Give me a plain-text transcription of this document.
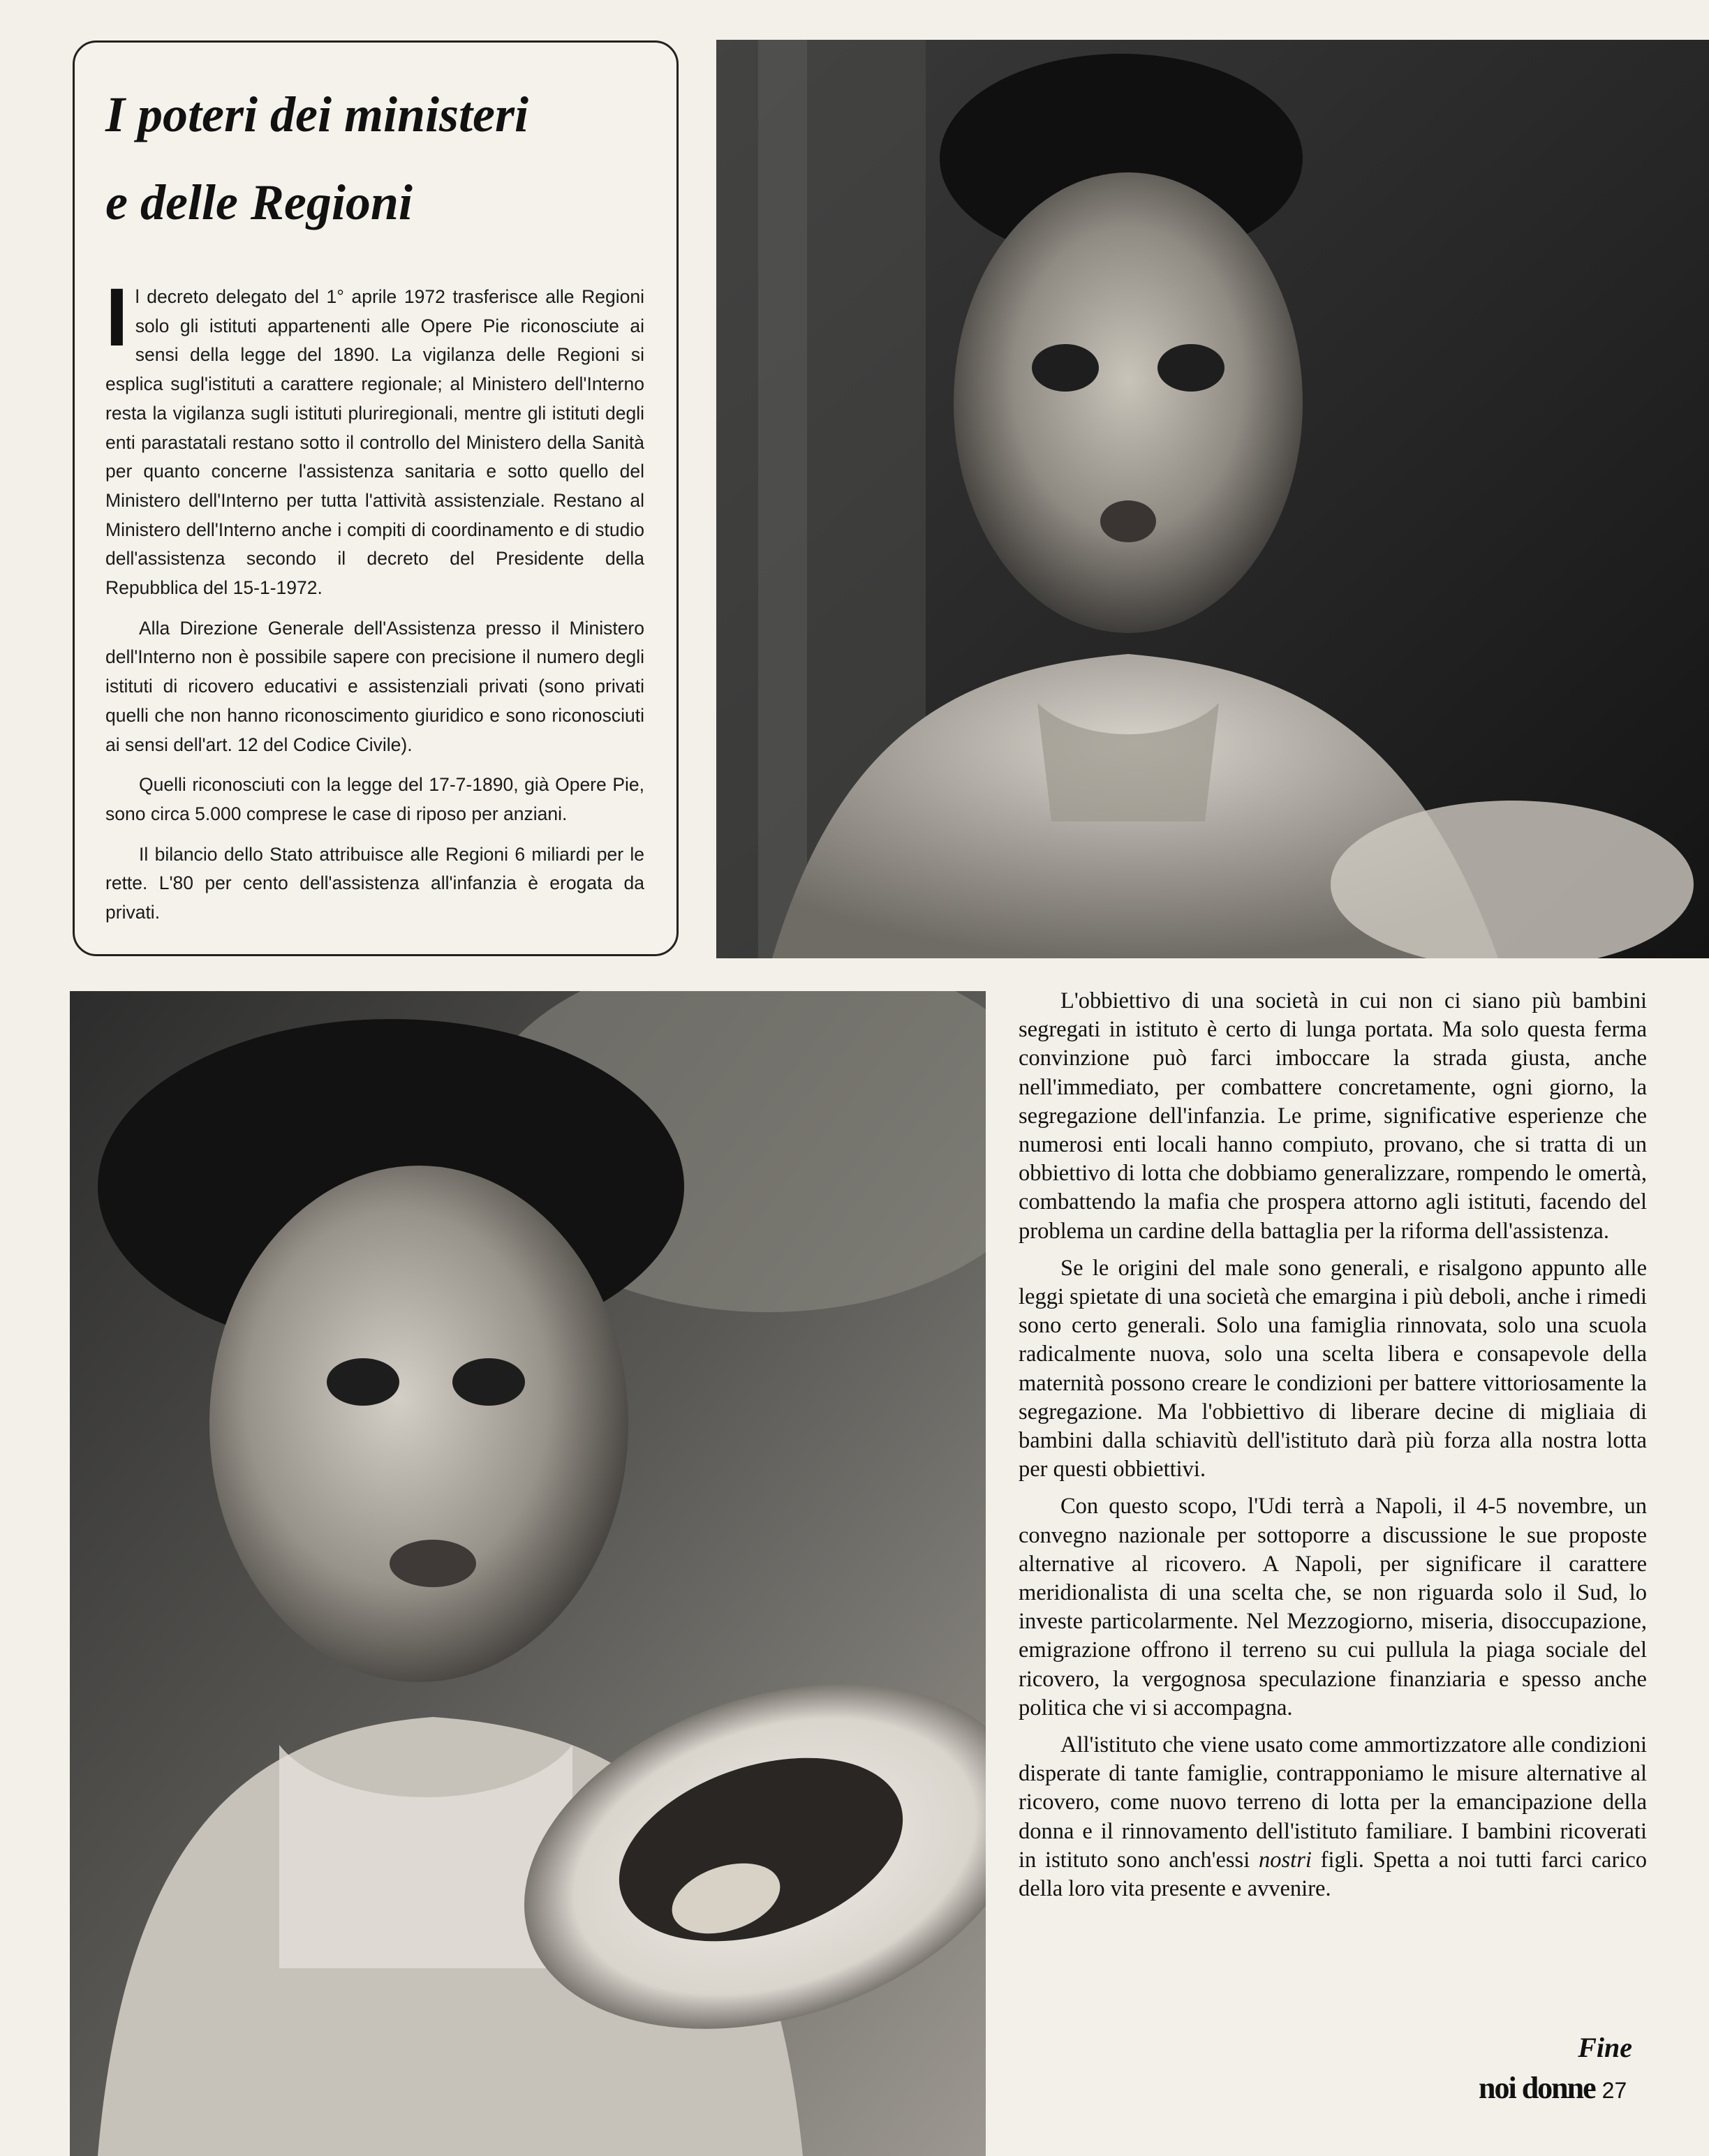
I poteri dei ministeri
e delle Regioni

Il decreto delegato del 1° aprile 1972 trasferisce alle Regioni solo gli istituti appartenenti alle Opere Pie riconosciute ai sensi della legge del 1890. La vigilanza delle Regioni si esplica sugl'istituti a carattere regionale; al Ministero dell'Interno resta la vigilanza sugli istituti pluriregionali, mentre gli istituti degli enti parastatali restano sotto il controllo del Ministero della Sanità per quanto concerne l'assistenza sanitaria e sotto quello del Ministero dell'Interno per tutta l'attività assistenziale. Restano al Ministero dell'Interno anche i compiti di coordinamento e di studio dell'assistenza secondo il decreto del Presidente della Repubblica del 15-1-1972.

Alla Direzione Generale dell'Assistenza presso il Ministero dell'Interno non è possibile sapere con precisione il numero degli istituti di ricovero educativi e assistenziali privati (sono privati quelli che non hanno riconoscimento giuridico e sono riconosciuti ai sensi dell'art. 12 del Codice Civile).

Quelli riconosciuti con la legge del 17-7-1890, già Opere Pie, sono circa 5.000 comprese le case di riposo per anziani.

Il bilancio dello Stato attribuisce alle Regioni 6 miliardi per le rette. L'80 per cento dell'assistenza all'infanzia è erogata da privati.

L'obbiettivo di una società in cui non ci siano più bambini segregati in istituto è certo di lunga portata. Ma solo questa ferma convinzione può farci imboccare la strada giusta, anche nell'immediato, per combattere concretamente, ogni giorno, la segregazione dell'infanzia. Le prime, significative esperienze che numerosi enti locali hanno compiuto, provano, che si tratta di un obbiettivo di lotta che dobbiamo generalizzare, rompendo le omertà, combattendo la mafia che prospera attorno agli istituti, facendo del problema un cardine della battaglia per la riforma dell'assistenza.

Se le origini del male sono generali, e risalgono appunto alle leggi spietate di una società che emargina i più deboli, anche i rimedi sono certo generali. Solo una famiglia rinnovata, solo una scuola radicalmente nuova, solo una scelta libera e consapevole della maternità possono creare le condizioni per battere vittoriosamente la segregazione. Ma l'obbiettivo di liberare decine di migliaia di bambini dalla schiavitù dell'istituto darà più forza alla nostra lotta per questi obbiettivi.

Con questo scopo, l'Udi terrà a Napoli, il 4-5 novembre, un convegno nazionale per sottoporre a discussione le sue proposte alternative al ricovero. A Napoli, per significare il carattere meridionalista di una scelta che, se non riguarda solo il Sud, lo investe particolarmente. Nel Mezzogiorno, miseria, disoccupazione, emigrazione offrono il terreno su cui pullula la piaga sociale del ricovero, la vergognosa speculazione finanziaria e spesso anche politica che vi si accompagna.

All'istituto che viene usato come ammortizzatore alle condizioni disperate di tante famiglie, contrapponiamo le misure alternative al ricovero, come nuovo terreno di lotta per la emancipazione della donna e il rinnovamento dell'istituto familiare. I bambini ricoverati in istituto sono anch'essi nostri figli. Spetta a noi tutti farci carico della loro vita presente e avvenire.

Fine
noi donne 27
